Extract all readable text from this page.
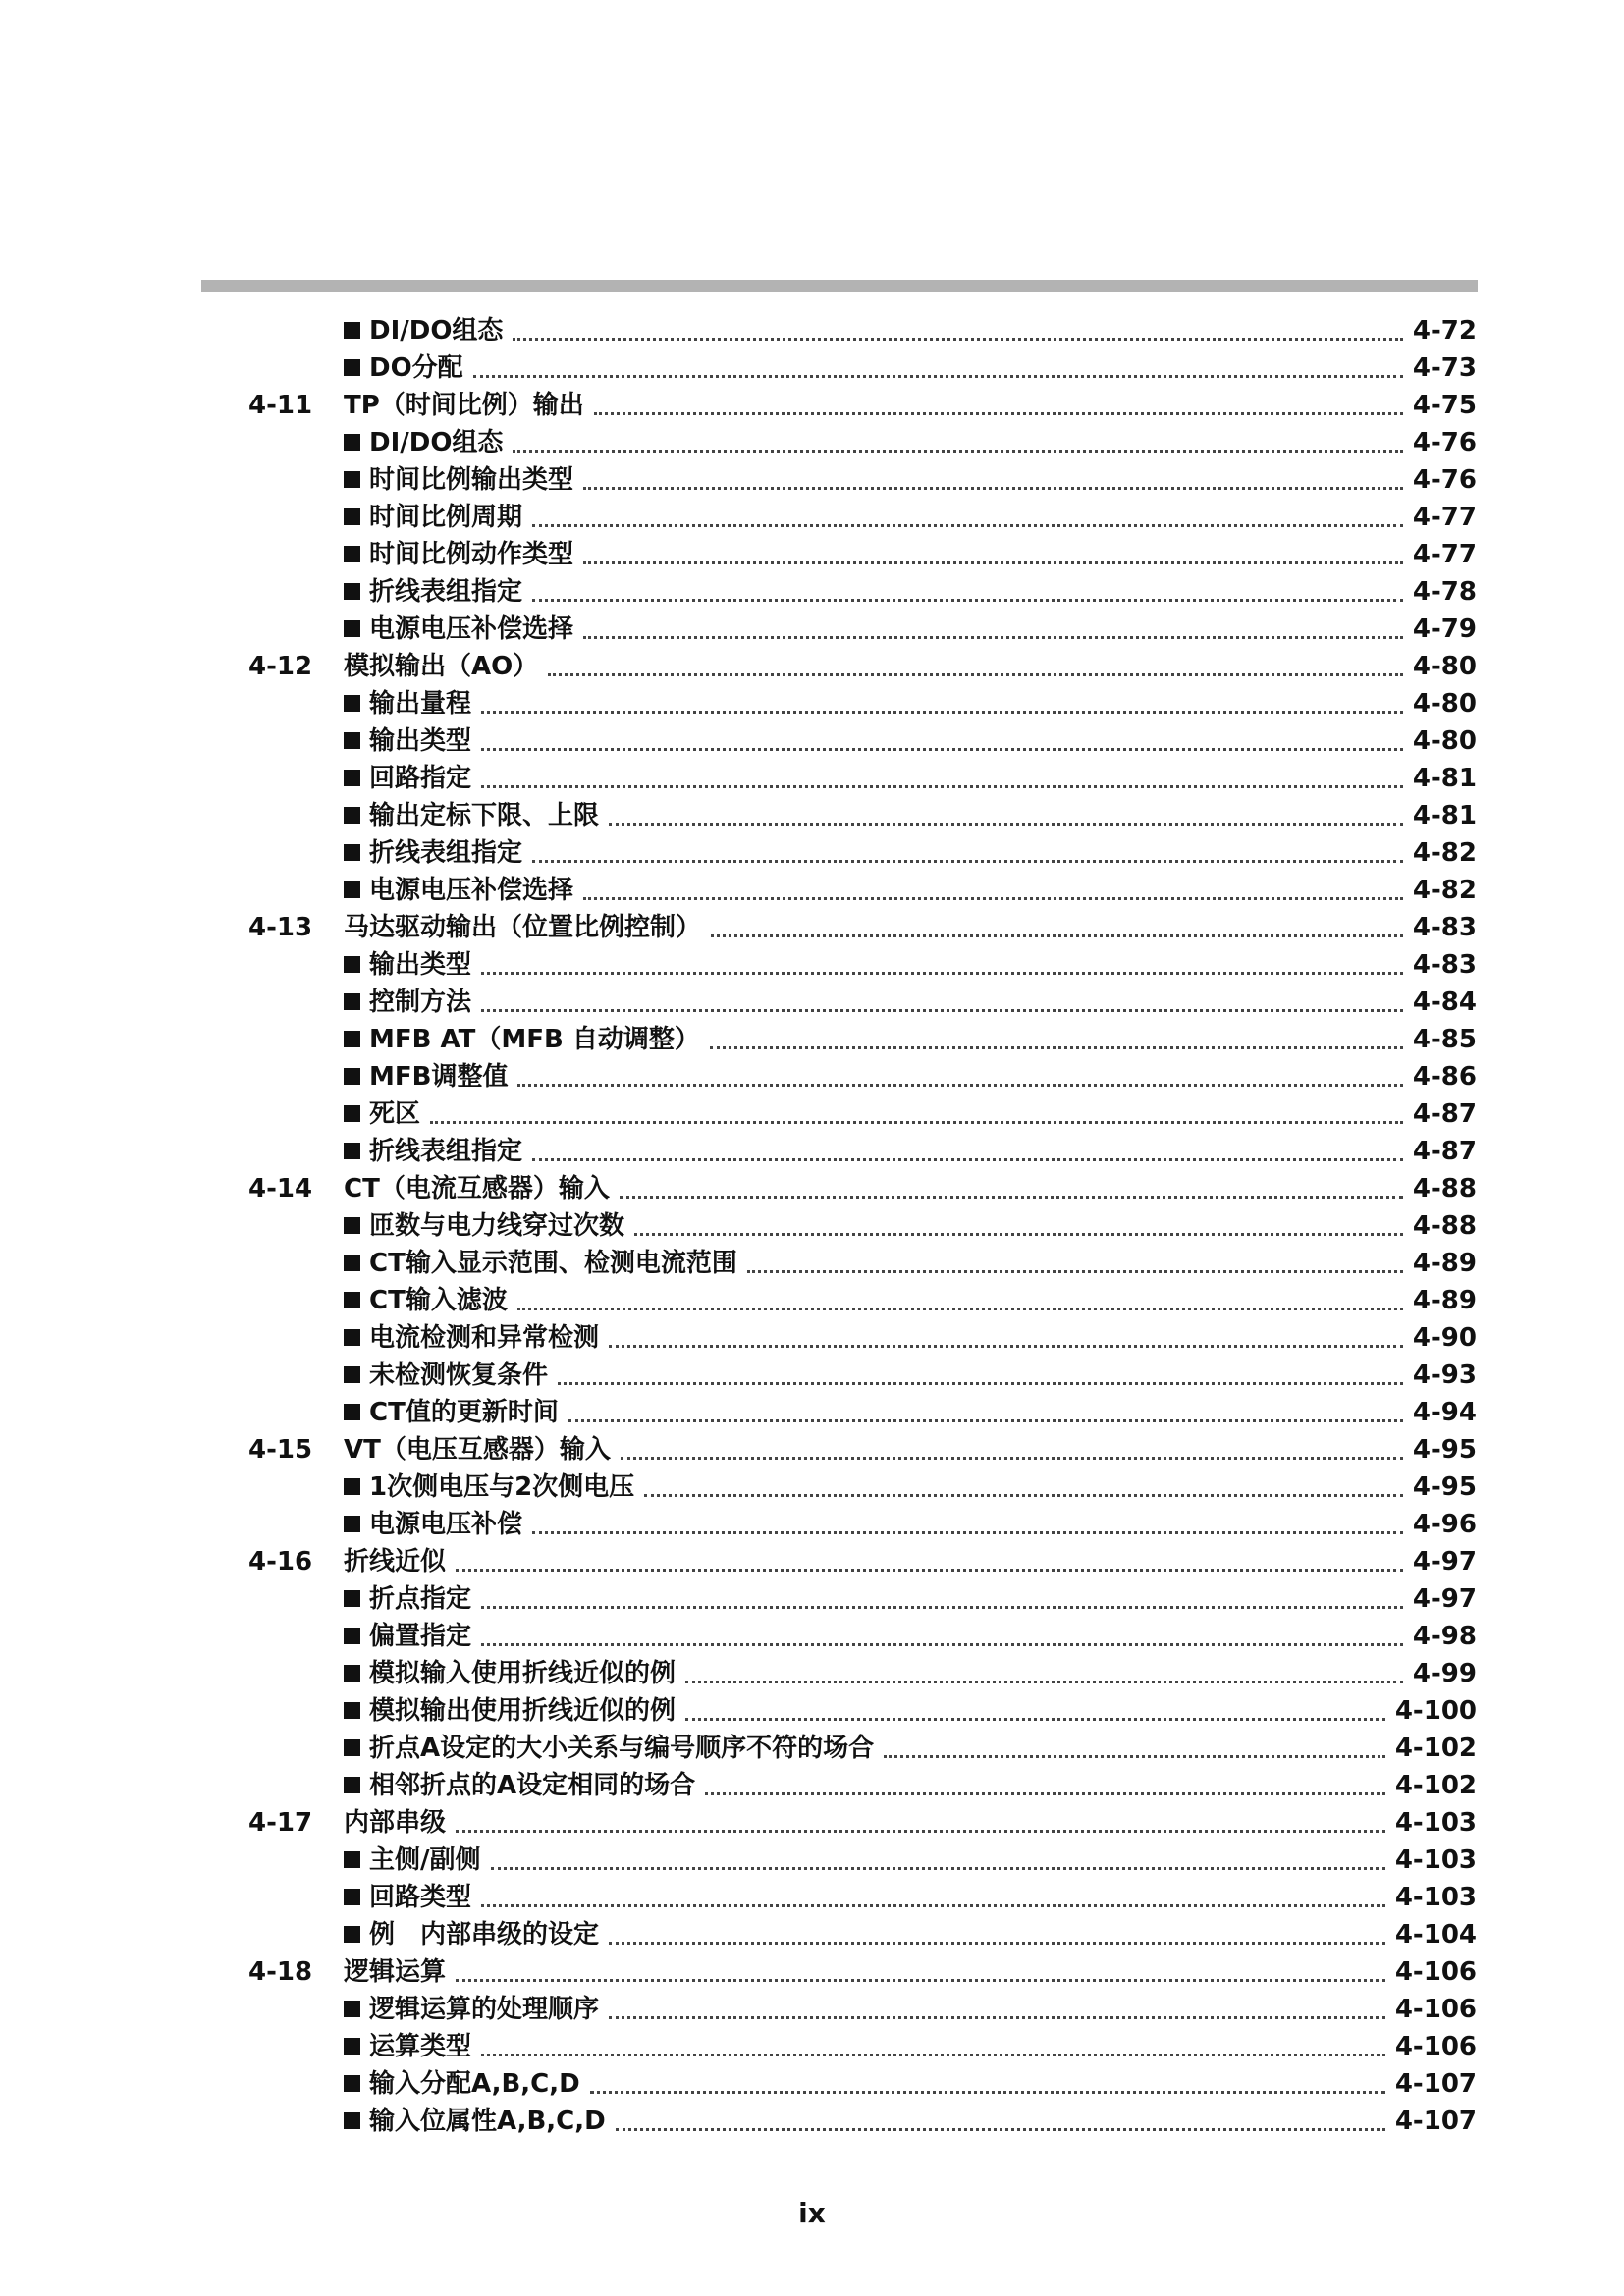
DI/DO组态	4-72
DO分配	4-73
4-11	TP（时间比例）输出	4-75
DI/DO组态	4-76
时间比例输出类型	4-76
时间比例周期	4-77
时间比例动作类型	4-77
折线表组指定	4-78
电源电压补偿选择	4-79
4-12	模拟输出（AO）	4-80
输出量程	4-80
输出类型	4-80
回路指定	4-81
输出定标下限、上限	4-81
折线表组指定	4-82
电源电压补偿选择	4-82
4-13	马达驱动输出（位置比例控制）	4-83
输出类型	4-83
控制方法	4-84
MFB AT（MFB 自动调整）	4-85
MFB调整值	4-86
死区	4-87
折线表组指定	4-87
4-14	CT（电流互感器）输入	4-88
匝数与电力线穿过次数	4-88
CT输入显示范围、检测电流范围	4-89
CT输入滤波	4-89
电流检测和异常检测	4-90
未检测恢复条件	4-93
CT值的更新时间	4-94
4-15	VT（电压互感器）输入	4-95
1次侧电压与2次侧电压	4-95
电源电压补偿	4-96
4-16	折线近似	4-97
折点指定	4-97
偏置指定	4-98
模拟输入使用折线近似的例	4-99
模拟输出使用折线近似的例	4-100
折点A设定的大小关系与编号顺序不符的场合	4-102
相邻折点的A设定相同的场合	4-102
4-17	内部串级	4-103
主侧/副侧	4-103
回路类型	4-103
例　内部串级的设定	4-104
4-18	逻辑运算	4-106
逻辑运算的处理顺序	4-106
运算类型	4-106
输入分配A,B,C,D	4-107
输入位属性A,B,C,D	4-107
ix
